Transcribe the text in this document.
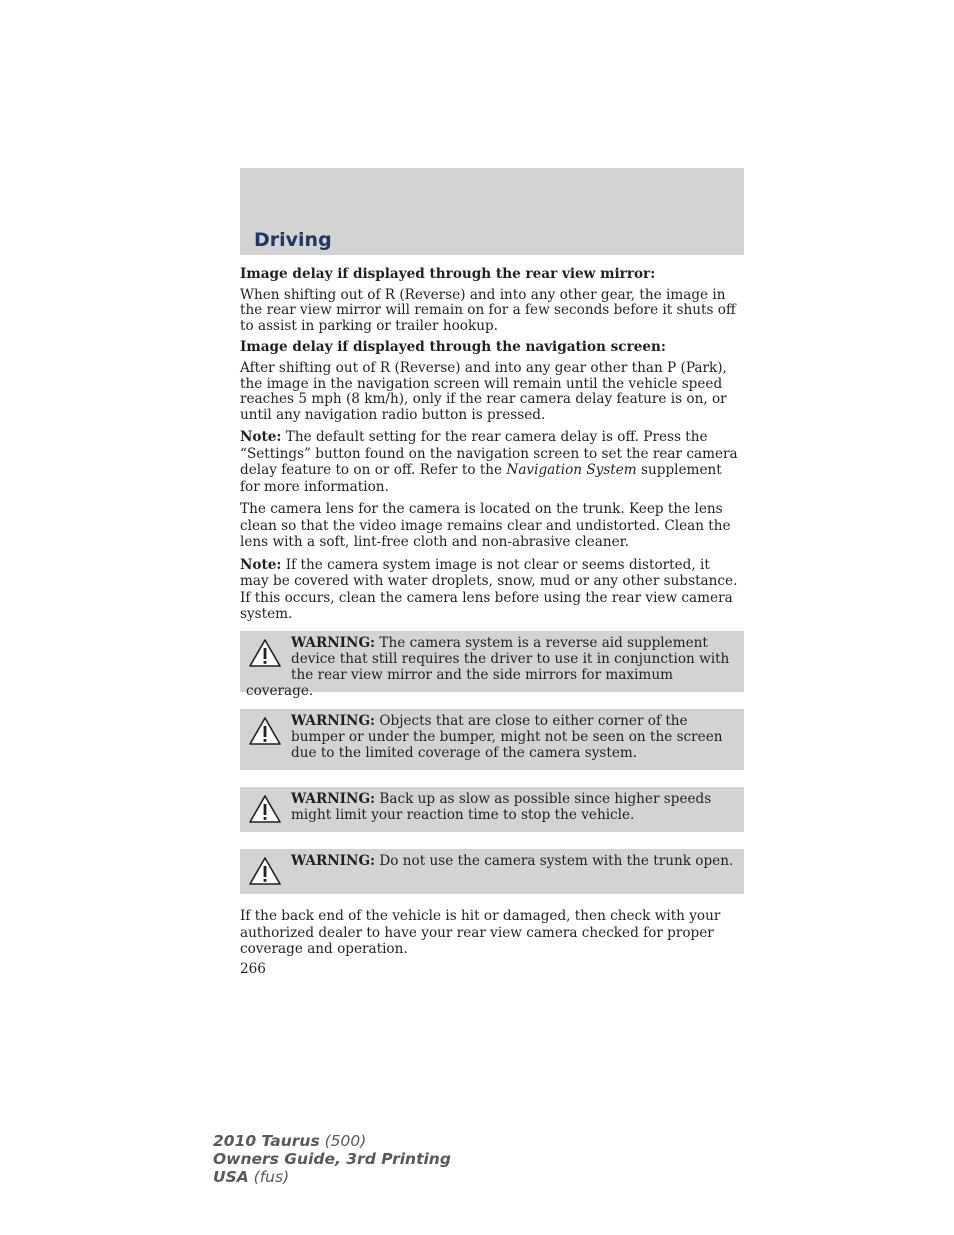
Driving

Image delay if displayed through the rear view mirror:

When shifting out of R (Reverse) and into any other gear, the image in the rear view mirror will remain on for a few seconds before it shuts off to assist in parking or trailer hookup.

Image delay if displayed through the navigation screen:

After shifting out of R (Reverse) and into any gear other than P (Park), the image in the navigation screen will remain until the vehicle speed reaches 5 mph (8 km/h), only if the rear camera delay feature is on, or until any navigation radio button is pressed.

Note: The default setting for the rear camera delay is off. Press the “Settings” button found on the navigation screen to set the rear camera delay feature to on or off. Refer to the Navigation System supplement for more information.

The camera lens for the camera is located on the trunk. Keep the lens clean so that the video image remains clear and undistorted. Clean the lens with a soft, lint-free cloth and non-abrasive cleaner.

Note: If the camera system image is not clear or seems distorted, it may be covered with water droplets, snow, mud or any other substance. If this occurs, clean the camera lens before using the rear view camera system.

WARNING: The camera system is a reverse aid supplement device that still requires the driver to use it in conjunction with the rear view mirror and the side mirrors for maximum coverage.
WARNING: Objects that are close to either corner of the bumper or under the bumper, might not be seen on the screen due to the limited coverage of the camera system.
WARNING: Back up as slow as possible since higher speeds might limit your reaction time to stop the vehicle.
WARNING: Do not use the camera system with the trunk open.
If the back end of the vehicle is hit or damaged, then check with your authorized dealer to have your rear view camera checked for proper coverage and operation.
266
2010 Taurus (500)
Owners Guide, 3rd Printing
USA (fus)
